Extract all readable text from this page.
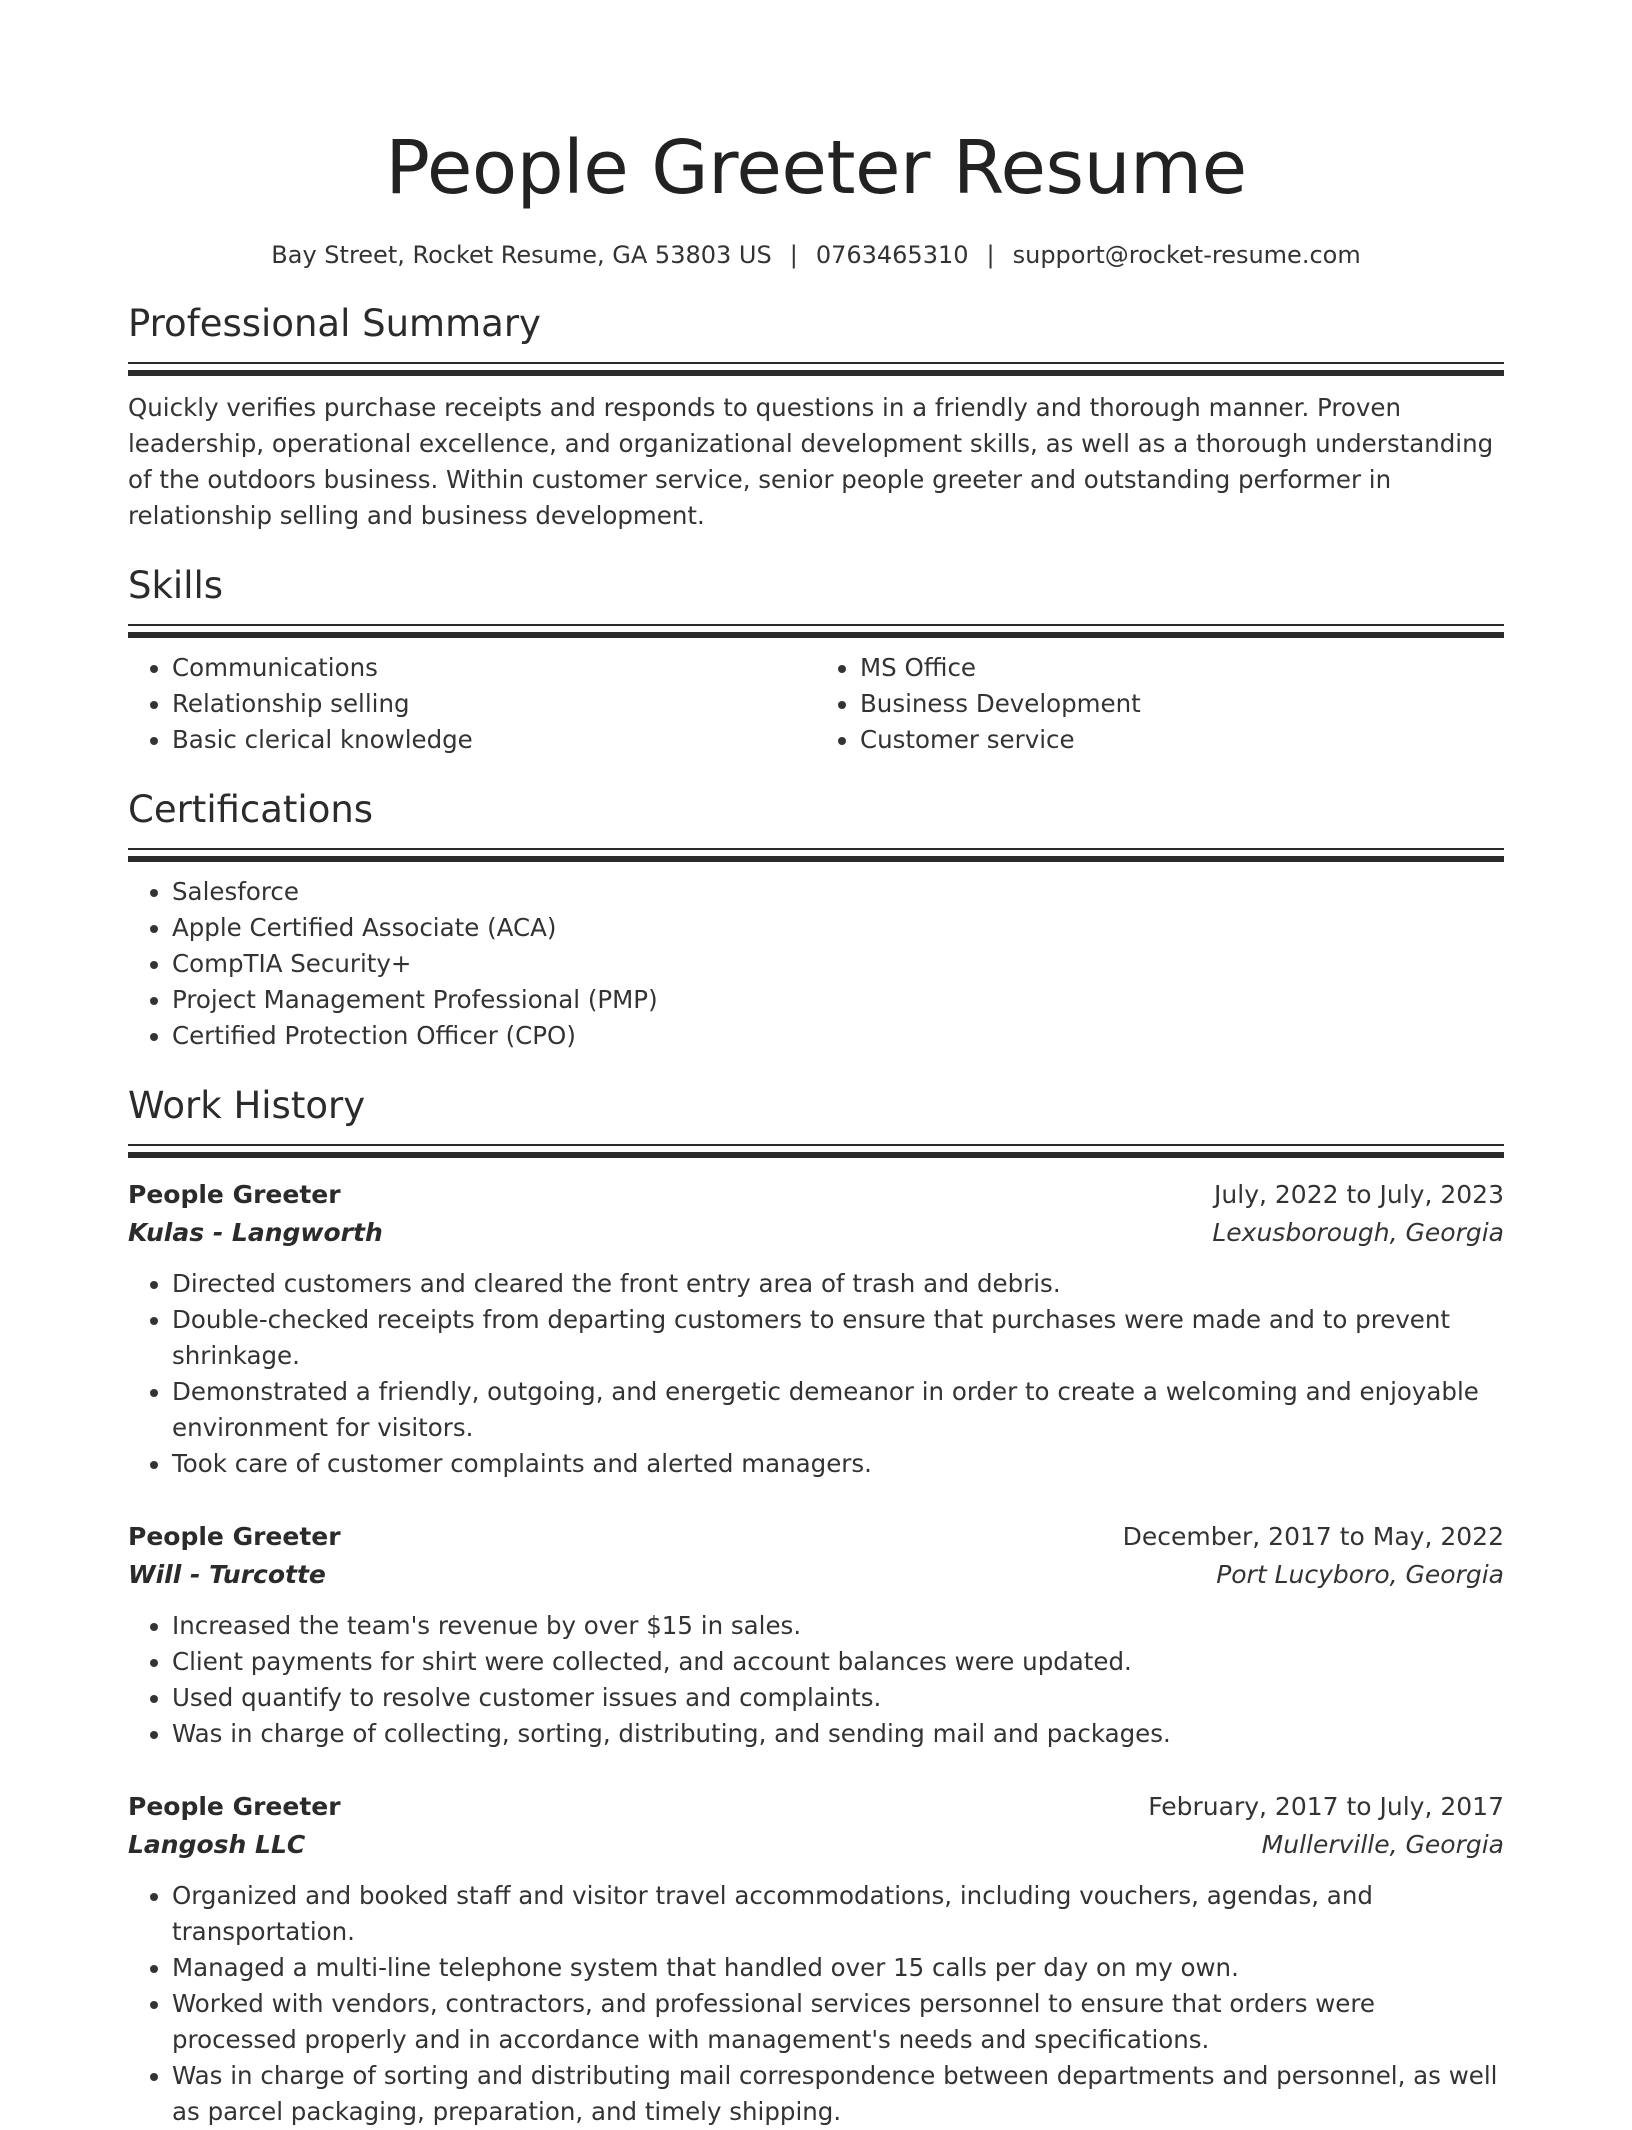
People Greeter Resume
Bay Street, Rocket Resume, GA 53803 US | 0763465310 | support@rocket-resume.com
Professional Summary

Quickly verifies purchase receipts and responds to questions in a friendly and thorough manner. Proven leadership, operational excellence, and organizational development skills, as well as a thorough understanding of the outdoors business. Within customer service, senior people greeter and outstanding performer in relationship selling and business development.

Skills
• Communications
• Relationship selling
• Basic clerical knowledge
• MS Office
• Business Development
• Customer service
Certifications
• Salesforce
• Apple Certified Associate (ACA)
• CompTIA Security+
• Project Management Professional (PMP)
• Certified Protection Officer (CPO)
Work History
People Greeter	July, 2022 to July, 2023
Kulas - Langworth	Lexusborough, Georgia
• Directed customers and cleared the front entry area of trash and debris.
• Double-checked receipts from departing customers to ensure that purchases were made and to prevent shrinkage.
• Demonstrated a friendly, outgoing, and energetic demeanor in order to create a welcoming and enjoyable environment for visitors.
• Took care of customer complaints and alerted managers.
People Greeter	December, 2017 to May, 2022
Will - Turcotte	Port Lucyboro, Georgia
• Increased the team's revenue by over $15 in sales.
• Client payments for shirt were collected, and account balances were updated.
• Used quantify to resolve customer issues and complaints.
• Was in charge of collecting, sorting, distributing, and sending mail and packages.
People Greeter	February, 2017 to July, 2017
Langosh LLC	Mullerville, Georgia
• Organized and booked staff and visitor travel accommodations, including vouchers, agendas, and transportation.
• Managed a multi-line telephone system that handled over 15 calls per day on my own.
• Worked with vendors, contractors, and professional services personnel to ensure that orders were processed properly and in accordance with management's needs and specifications.
• Was in charge of sorting and distributing mail correspondence between departments and personnel, as well as parcel packaging, preparation, and timely shipping.
